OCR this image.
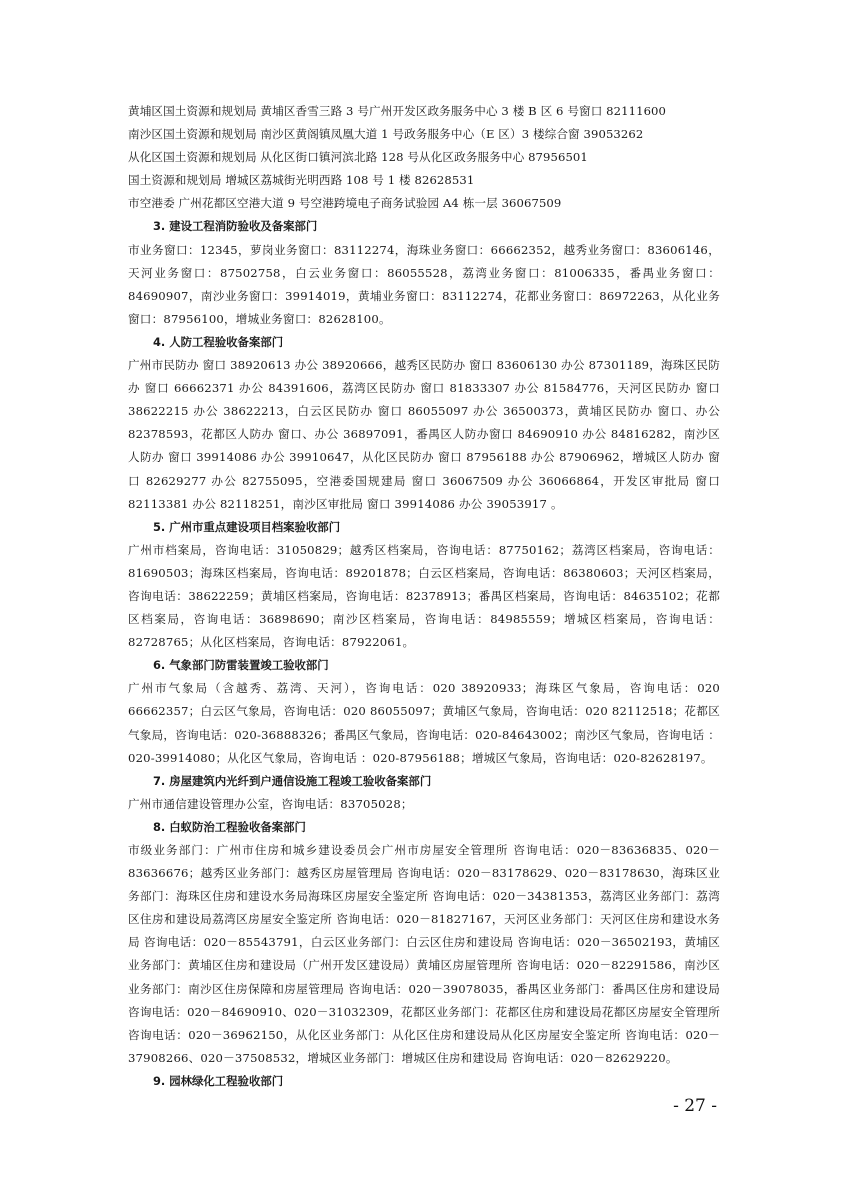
黄埔区国土资源和规划局 黄埔区香雪三路 3 号广州开发区政务服务中心 3 楼 B 区 6 号窗口 82111600
南沙区国土资源和规划局 南沙区黄阁镇凤凰大道 1 号政务服务中心（E 区）3 楼综合窗 39053262
从化区国土资源和规划局 从化区街口镇河滨北路 128 号从化区政务服务中心 87956501
国土资源和规划局 增城区荔城街光明西路 108 号 1 楼 82628531
市空港委 广州花都区空港大道 9 号空港跨境电子商务试验园 A4 栋一层 36067509
3. 建设工程消防验收及备案部门
市业务窗口：12345，萝岗业务窗口：83112274，海珠业务窗口：66662352，越秀业务窗口：83606146，天河业务窗口：87502758，白云业务窗口：86055528，荔湾业务窗口：81006335，番禺业务窗口：84690907，南沙业务窗口：39914019，黄埔业务窗口：83112274，花都业务窗口：86972263，从化业务窗口：87956100，增城业务窗口：82628100。
4. 人防工程验收备案部门
广州市民防办 窗口 38920613 办公 38920666，越秀区民防办 窗口 83606130 办公 87301189，海珠区民防办 窗口 66662371 办公 84391606，荔湾区民防办 窗口 81833307 办公 81584776，天河区民防办 窗口 38622215 办公 38622213，白云区民防办 窗口 86055097 办公 36500373，黄埔区民防办 窗口、办公 82378593，花都区人防办 窗口、办公 36897091，番禺区人防办窗口 84690910 办公 84816282，南沙区人防办 窗口 39914086 办公 39910647，从化区民防办 窗口 87956188 办公 87906962，增城区人防办 窗口 82629277 办公 82755095，空港委国规建局 窗口 36067509 办公 36066864，开发区审批局 窗口 82113381 办公 82118251，南沙区审批局 窗口 39914086 办公 39053917 。
5. 广州市重点建设项目档案验收部门
广州市档案局，咨询电话：31050829；越秀区档案局，咨询电话：87750162；荔湾区档案局，咨询电话：81690503；海珠区档案局，咨询电话：89201878；白云区档案局，咨询电话：86380603；天河区档案局，咨询电话：38622259；黄埔区档案局，咨询电话：82378913；番禺区档案局，咨询电话：84635102；花都区档案局，咨询电话：36898690；南沙区档案局，咨询电话：84985559；增城区档案局，咨询电话：82728765；从化区档案局，咨询电话：87922061。
6. 气象部门防雷装置竣工验收部门
广州市气象局（含越秀、荔湾、天河），咨询电话：020 38920933；海珠区气象局，咨询电话：020 66662357；白云区气象局，咨询电话：020 86055097；黄埔区气象局，咨询电话：020 82112518；花都区气象局，咨询电话：020-36888326；番禺区气象局，咨询电话：020-84643002；南沙区气象局，咨询电话 ：020-39914080；从化区气象局，咨询电话 ：020-87956188；增城区气象局，咨询电话：020-82628197。
7. 房屋建筑内光纤到户通信设施工程竣工验收备案部门
广州市通信建设管理办公室，咨询电话：83705028；
8. 白蚁防治工程验收备案部门
市级业务部门：广州市住房和城乡建设委员会广州市房屋安全管理所 咨询电话：020－83636835、020－83636676；越秀区业务部门：越秀区房屋管理局 咨询电话：020－83178629、020－83178630，海珠区业务部门：海珠区住房和建设水务局海珠区房屋安全鉴定所 咨询电话：020－34381353，荔湾区业务部门：荔湾区住房和建设局荔湾区房屋安全鉴定所 咨询电话：020－81827167，天河区业务部门：天河区住房和建设水务局 咨询电话：020－85543791，白云区业务部门：白云区住房和建设局 咨询电话：020－36502193，黄埔区业务部门：黄埔区住房和建设局（广州开发区建设局）黄埔区房屋管理所 咨询电话：020－82291586，南沙区业务部门：南沙区住房保障和房屋管理局 咨询电话：020－39078035，番禺区业务部门：番禺区住房和建设局 咨询电话：020－84690910、020－31032309，花都区业务部门：花都区住房和建设局花都区房屋安全管理所 咨询电话：020－36962150，从化区业务部门：从化区住房和建设局从化区房屋安全鉴定所 咨询电话：020－37908266、020－37508532，增城区业务部门：增城区住房和建设局 咨询电话：020－82629220。
9. 园林绿化工程验收部门
- 27 -
